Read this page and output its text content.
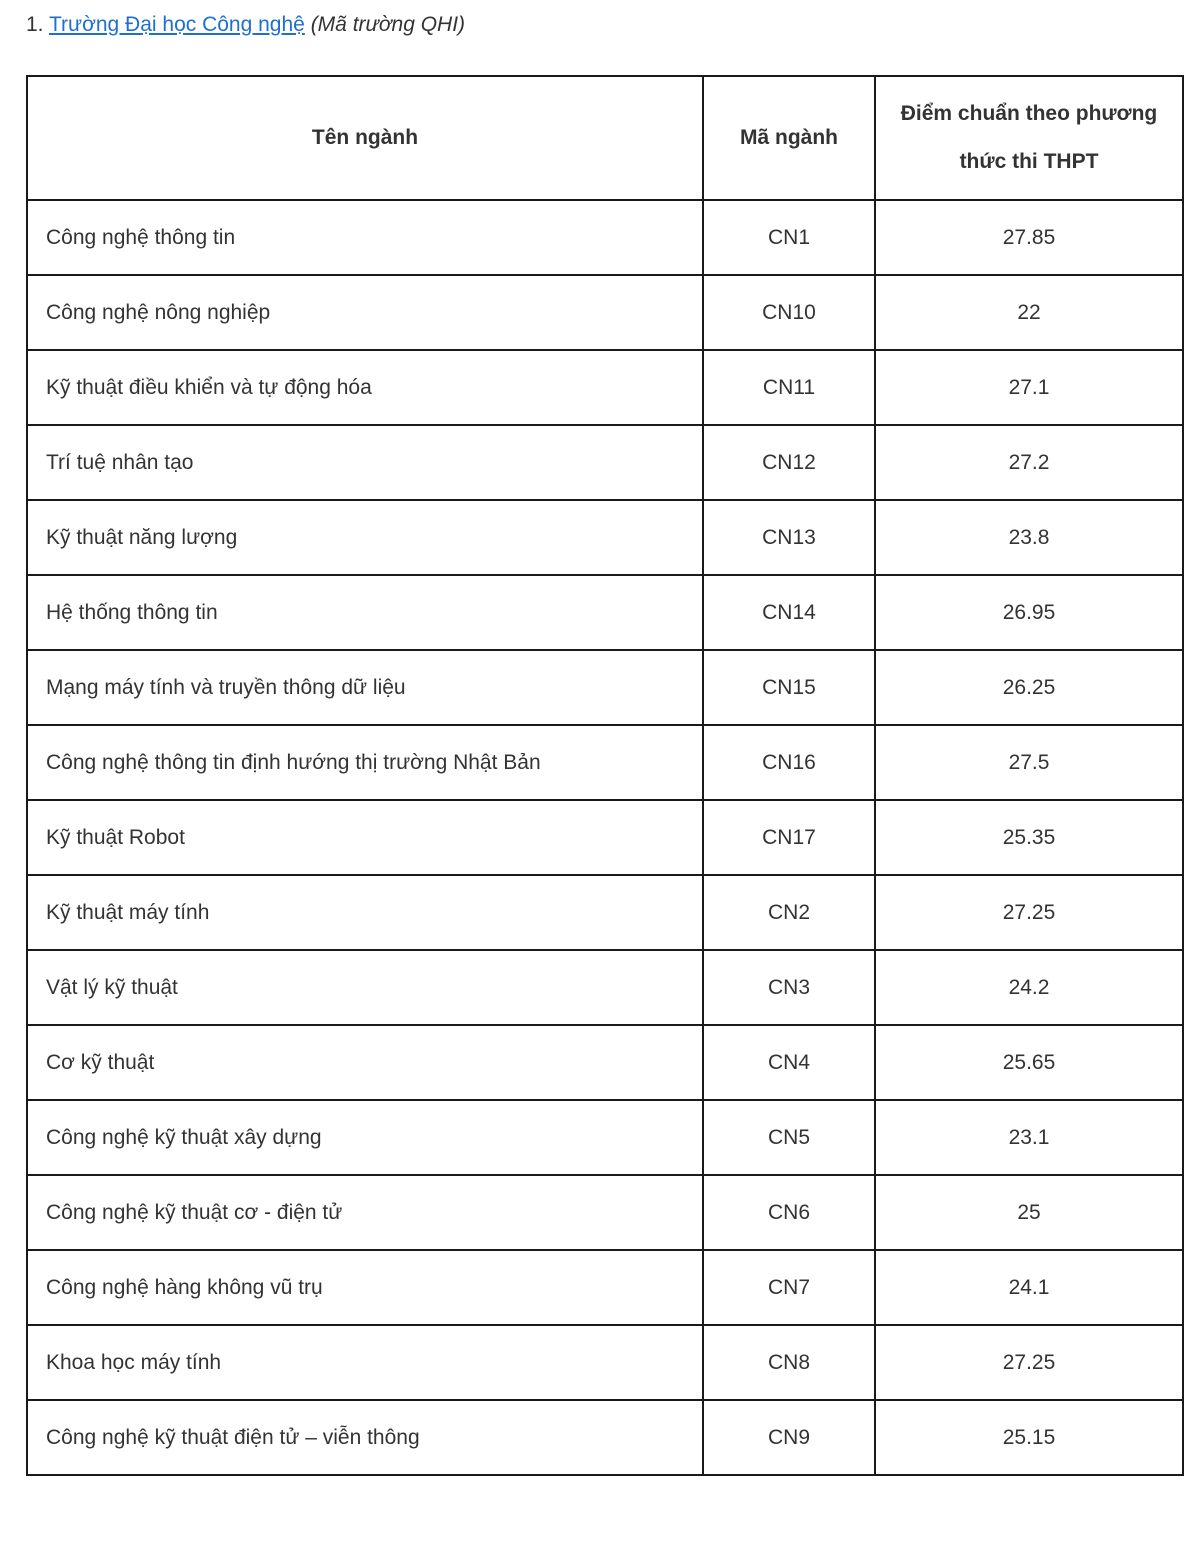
1. Trường Đại học Công nghệ (Mã trường QHI)
Tên ngành	Mã ngành	Điểm chuẩn theo phương thức thi THPT
Công nghệ thông tin	CN1	27.85
Công nghệ nông nghiệp	CN10	22
Kỹ thuật điều khiển và tự động hóa	CN11	27.1
Trí tuệ nhân tạo	CN12	27.2
Kỹ thuật năng lượng	CN13	23.8
Hệ thống thông tin	CN14	26.95
Mạng máy tính và truyền thông dữ liệu	CN15	26.25
Công nghệ thông tin định hướng thị trường Nhật Bản	CN16	27.5
Kỹ thuật Robot	CN17	25.35
Kỹ thuật máy tính	CN2	27.25
Vật lý kỹ thuật	CN3	24.2
Cơ kỹ thuật	CN4	25.65
Công nghệ kỹ thuật xây dựng	CN5	23.1
Công nghệ kỹ thuật cơ - điện tử	CN6	25
Công nghệ hàng không vũ trụ	CN7	24.1
Khoa học máy tính	CN8	27.25
Công nghệ kỹ thuật điện tử – viễn thông	CN9	25.15
